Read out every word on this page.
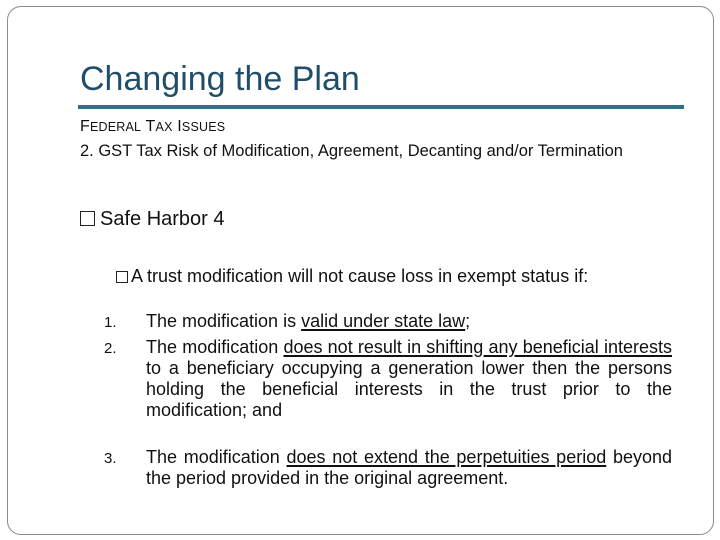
Changing the Plan
FEDERAL TAX ISSUES
2. GST Tax Risk of Modification, Agreement, Decanting and/or Termination
Safe Harbor 4
A trust modification will not cause loss in exempt status if:
1. The modification is valid under state law;
2. The modification does not result in shifting any beneficial interests to a beneficiary occupying a generation lower then the persons holding the beneficial interests in the trust prior to the modification; and
3. The modification does not extend the perpetuities period beyond the period provided in the original agreement.
